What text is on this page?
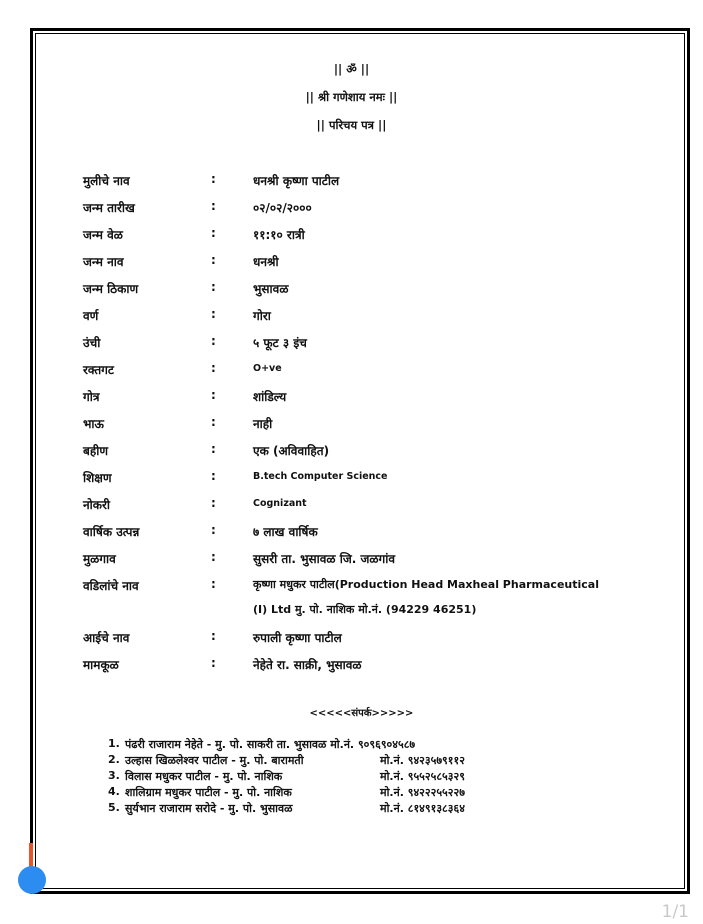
|| ॐ ||
|| श्री गणेशाय नमः ||
|| परिचय पत्र ||
मुलीचे नाव	:	धनश्री कृष्णा पाटील
जन्म तारीख	:	०२/०२/२०००
जन्म वेळ	:	११:१० रात्री
जन्म नाव	:	धनश्री
जन्म ठिकाण	:	भुसावळ
वर्ण	:	गोरा
उंची	:	५ फूट ३ इंच
रक्तगट	:	O+ve
गोत्र	:	शांडिल्य
भाऊ	:	नाही
बहीण	:	एक (अविवाहित)
शिक्षण	:	B.tech Computer Science
नोकरी	:	Cognizant
वार्षिक उत्पन्न	:	७ लाख वार्षिक
मुळगाव	:	सुसरी ता. भुसावळ जि. जळगांव
वडिलांचे नाव	:	कृष्णा मधुकर पाटील(Production Head Maxheal Pharmaceutical
(I) Ltd मु. पो. नाशिक मो.नं. (94229 46251)
आईचे नाव	:	रुपाली कृष्णा पाटील
मामकूळ	:	नेहेते रा. साक्री, भुसावळ
<<<<<संपर्क>>>>>
1. पंढरी राजाराम नेहेते - मु. पो. साकरी ता. भुसावळ मो.नं. ९०९६९०४५८७
2. उल्हास खिळलेश्वर पाटील - मु. पो. बारामती	मो.नं. ९४२३५७९११२
3. विलास मधुकर पाटील - मु. पो. नाशिक	मो.नं. ९५५२५८५३२९
4. शालिग्राम मधुकर पाटील - मु. पो. नाशिक	मो.नं. ९४२२२५५२२७
5. सुर्यभान राजाराम सरोदे - मु. पो. भुसावळ	मो.नं. ८१४९१३८३६४
1/1
